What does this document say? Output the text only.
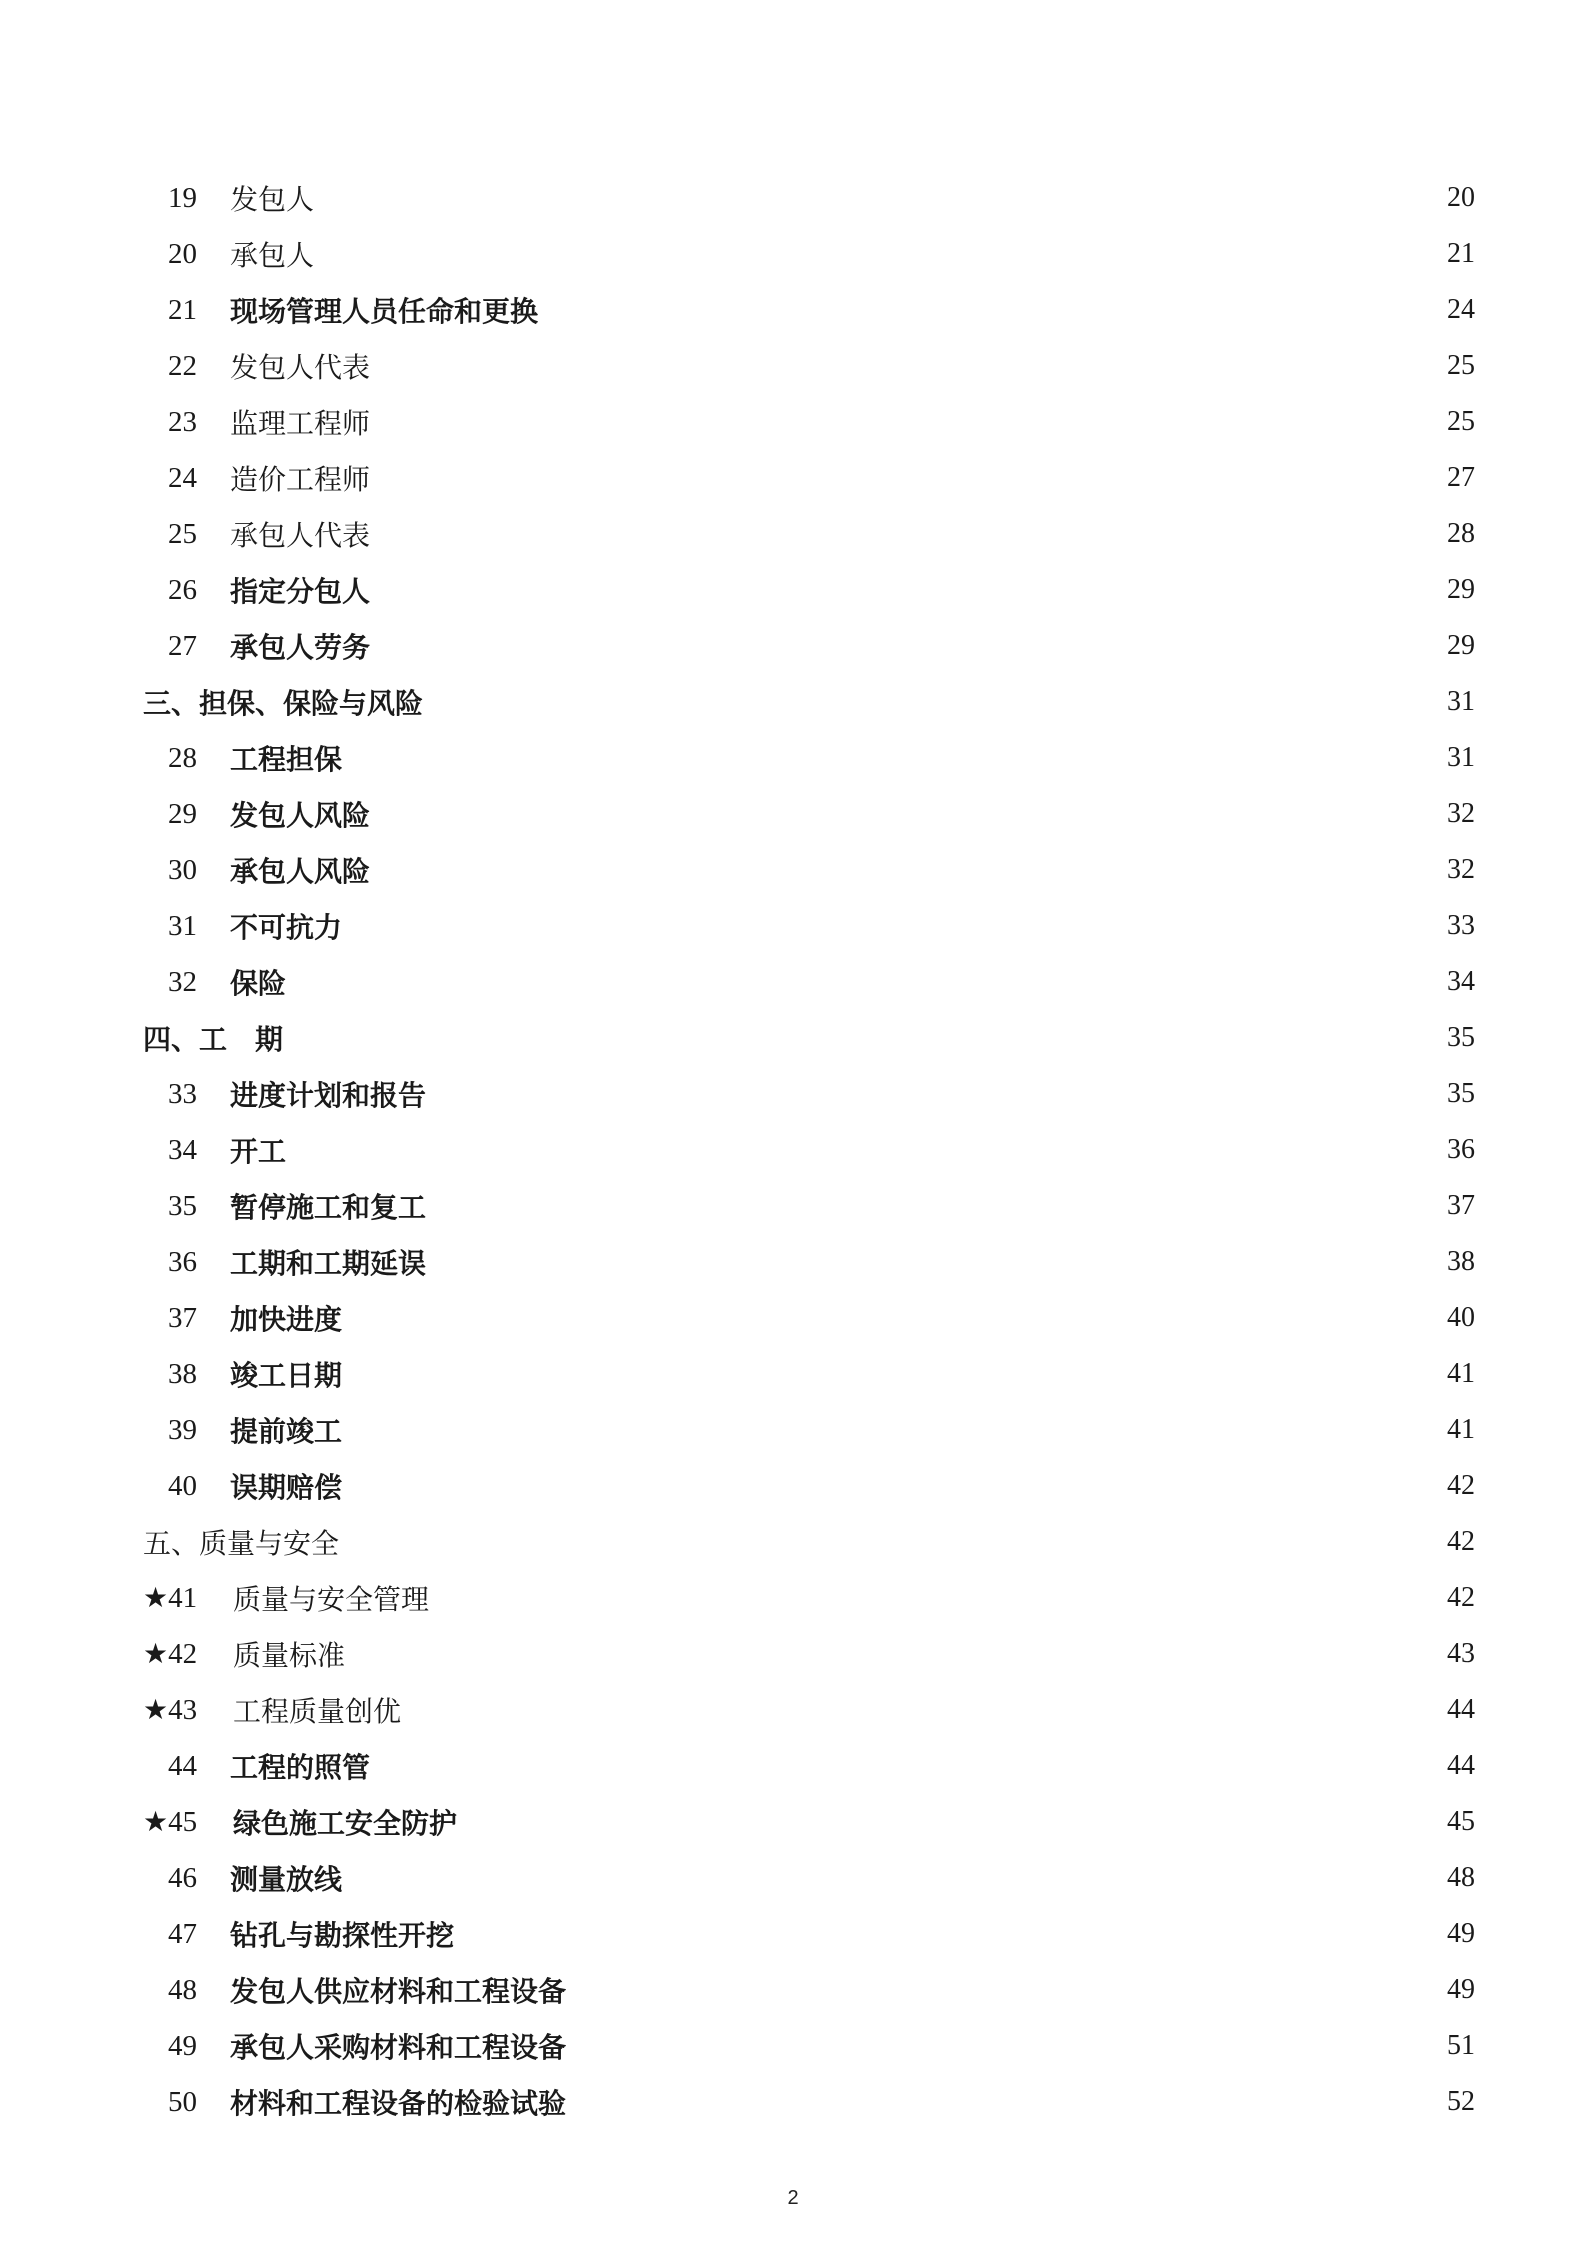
19	发包人	20
20	承包人	21
21	现场管理人员任命和更换	24
22	发包人代表	25
23	监理工程师	25
24	造价工程师	27
25	承包人代表	28
26	指定分包人	29
27	承包人劳务	29
三、担保、保险与风险	31
28	工程担保	31
29	发包人风险	32
30	承包人风险	32
31	不可抗力	33
32	保险	34
四、工　期	35
33	进度计划和报告	35
34	开工	36
35	暂停施工和复工	37
36	工期和工期延误	38
37	加快进度	40
38	竣工日期	41
39	提前竣工	41
40	误期赔偿	42
五、质量与安全	42
★41	质量与安全管理	42
★42	质量标准	43
★43	工程质量创优	44
44	工程的照管	44
★45	绿色施工安全防护	45
46	测量放线	48
47	钻孔与勘探性开挖	49
48	发包人供应材料和工程设备	49
49	承包人采购材料和工程设备	51
50	材料和工程设备的检验试验	52
2
